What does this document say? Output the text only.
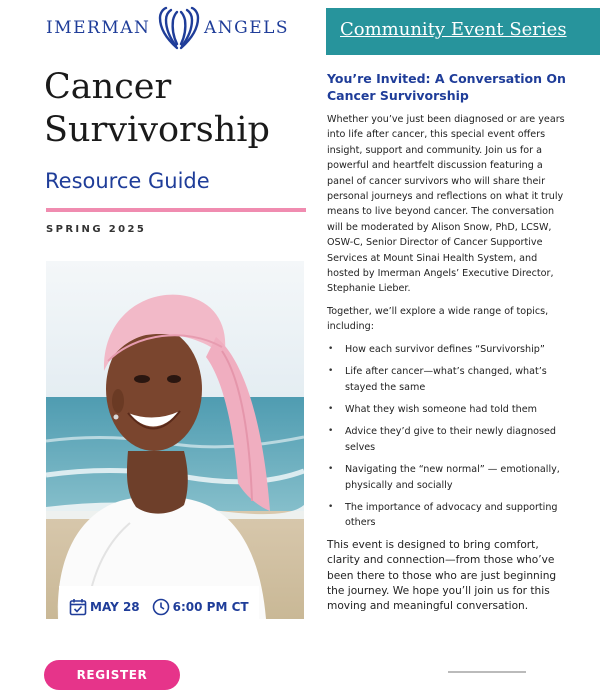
IMERMAN	ANGELS
Cancer Survivorship
Resource Guide
SPRING 2025
MAY 28	6:00 PM CT
REGISTER
Community Event Series
You’re Invited: A Conversation On Cancer Survivorship

Whether you’ve just been diagnosed or are years into life after cancer, this special event offers insight, support and community. Join us for a powerful and heartfelt discussion featuring a panel of cancer survivors who will share their personal journeys and reflections on what it truly means to live beyond cancer. The conversation will be moderated by Alison Snow, PhD, LCSW, OSW-C, Senior Director of Cancer Supportive Services at Mount Sinai Health System, and hosted by Imerman Angels’ Executive Director, Stephanie Lieber.

Together, we’ll explore a wide range of topics, including:

• How each survivor defines “Survivorship”
• Life after cancer—what’s changed, what’s stayed the same
• What they wish someone had told them
• Advice they’d give to their newly diagnosed selves
• Navigating the “new normal” — emotionally, physically and socially
• The importance of advocacy and supporting others

This event is designed to bring comfort, clarity and connection—from those who’ve been there to those who are just beginning the journey. We hope you’ll join us for this moving and meaningful conversation.
